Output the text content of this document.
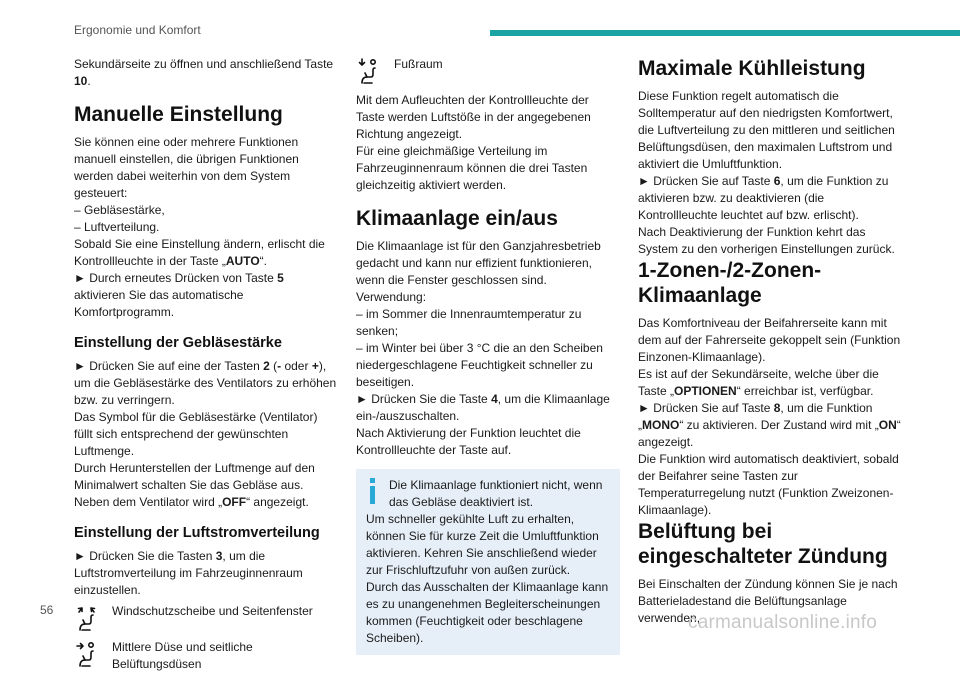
Ergonomie und Komfort

Sekundärseite zu öffnen und anschließend Taste 10.

Manuelle Einstellung

Sie können eine oder mehrere Funktionen manuell einstellen, die übrigen Funktionen werden dabei weiterhin von dem System gesteuert:

– Gebläsestärke,

– Luftverteilung.

Sobald Sie eine Einstellung ändern, erlischt die Kontrollleuchte in der Taste „AUTO“.

► Durch erneutes Drücken von Taste 5 aktivieren Sie das automatische Komfortprogramm.

Einstellung der Gebläsestärke

► Drücken Sie auf eine der Tasten 2 (- oder +), um die Gebläsestärke des Ventilators zu erhöhen bzw. zu verringern.

Das Symbol für die Gebläsestärke (Ventilator) füllt sich entsprechend der gewünschten Luftmenge.

Durch Herunterstellen der Luftmenge auf den Minimalwert schalten Sie das Gebläse aus.

Neben dem Ventilator wird „OFF“ angezeigt.

Einstellung der Luftstromverteilung

► Drücken Sie die Tasten 3, um die Luftstromverteilung im Fahrzeuginnenraum einzustellen.

Windschutzscheibe und Seitenfenster
Mittlere Düse und seitliche Belüftungsdüsen
Fußraum

Mit dem Aufleuchten der Kontrollleuchte der Taste werden Luftstöße in der angegebenen Richtung angezeigt.

Für eine gleichmäßige Verteilung im Fahrzeuginnenraum können die drei Tasten gleichzeitig aktiviert werden.

Klimaanlage ein/aus

Die Klimaanlage ist für den Ganzjahresbetrieb gedacht und kann nur effizient funktionieren, wenn die Fenster geschlossen sind.

Verwendung:

– im Sommer die Innenraumtemperatur zu senken;

– im Winter bei über 3 °C die an den Scheiben niedergeschlagene Feuchtigkeit schneller zu beseitigen.

► Drücken Sie die Taste 4, um die Klimaanlage ein-/auszuschalten.

Nach Aktivierung der Funktion leuchtet die Kontrollleuchte der Taste auf.

Die Klimaanlage funktioniert nicht, wenn das Gebläse deaktiviert ist.

Um schneller gekühlte Luft zu erhalten, können Sie für kurze Zeit die Umluftfunktion aktivieren. Kehren Sie anschließend wieder zur Frischluftzufuhr von außen zurück.

Durch das Ausschalten der Klimaanlage kann es zu unangenehmen Begleiterscheinungen kommen (Feuchtigkeit oder beschlagene Scheiben).

Maximale Kühlleistung

Diese Funktion regelt automatisch die Solltemperatur auf den niedrigsten Komfortwert, die Luftverteilung zu den mittleren und seitlichen Belüftungsdüsen, den maximalen Luftstrom und aktiviert die Umluftfunktion.

► Drücken Sie auf Taste 6, um die Funktion zu aktivieren bzw. zu deaktivieren (die Kontrollleuchte leuchtet auf bzw. erlischt).

Nach Deaktivierung der Funktion kehrt das System zu den vorherigen Einstellungen zurück.

1-Zonen-/2-Zonen-Klimaanlage

Das Komfortniveau der Beifahrerseite kann mit dem auf der Fahrerseite gekoppelt sein (Funktion Einzonen-Klimaanlage).

Es ist auf der Sekundärseite, welche über die Taste „OPTIONEN“ erreichbar ist, verfügbar.

► Drücken Sie auf Taste 8, um die Funktion „MONO“ zu aktivieren. Der Zustand wird mit „ON“ angezeigt.

Die Funktion wird automatisch deaktiviert, sobald der Beifahrer seine Tasten zur Temperaturregelung nutzt (Funktion Zweizonen-Klimaanlage).

Belüftung bei eingeschalteter Zündung

Bei Einschalten der Zündung können Sie je nach Batterieladestand die Belüftungsanlage verwenden,

56
carmanualsonline.info
